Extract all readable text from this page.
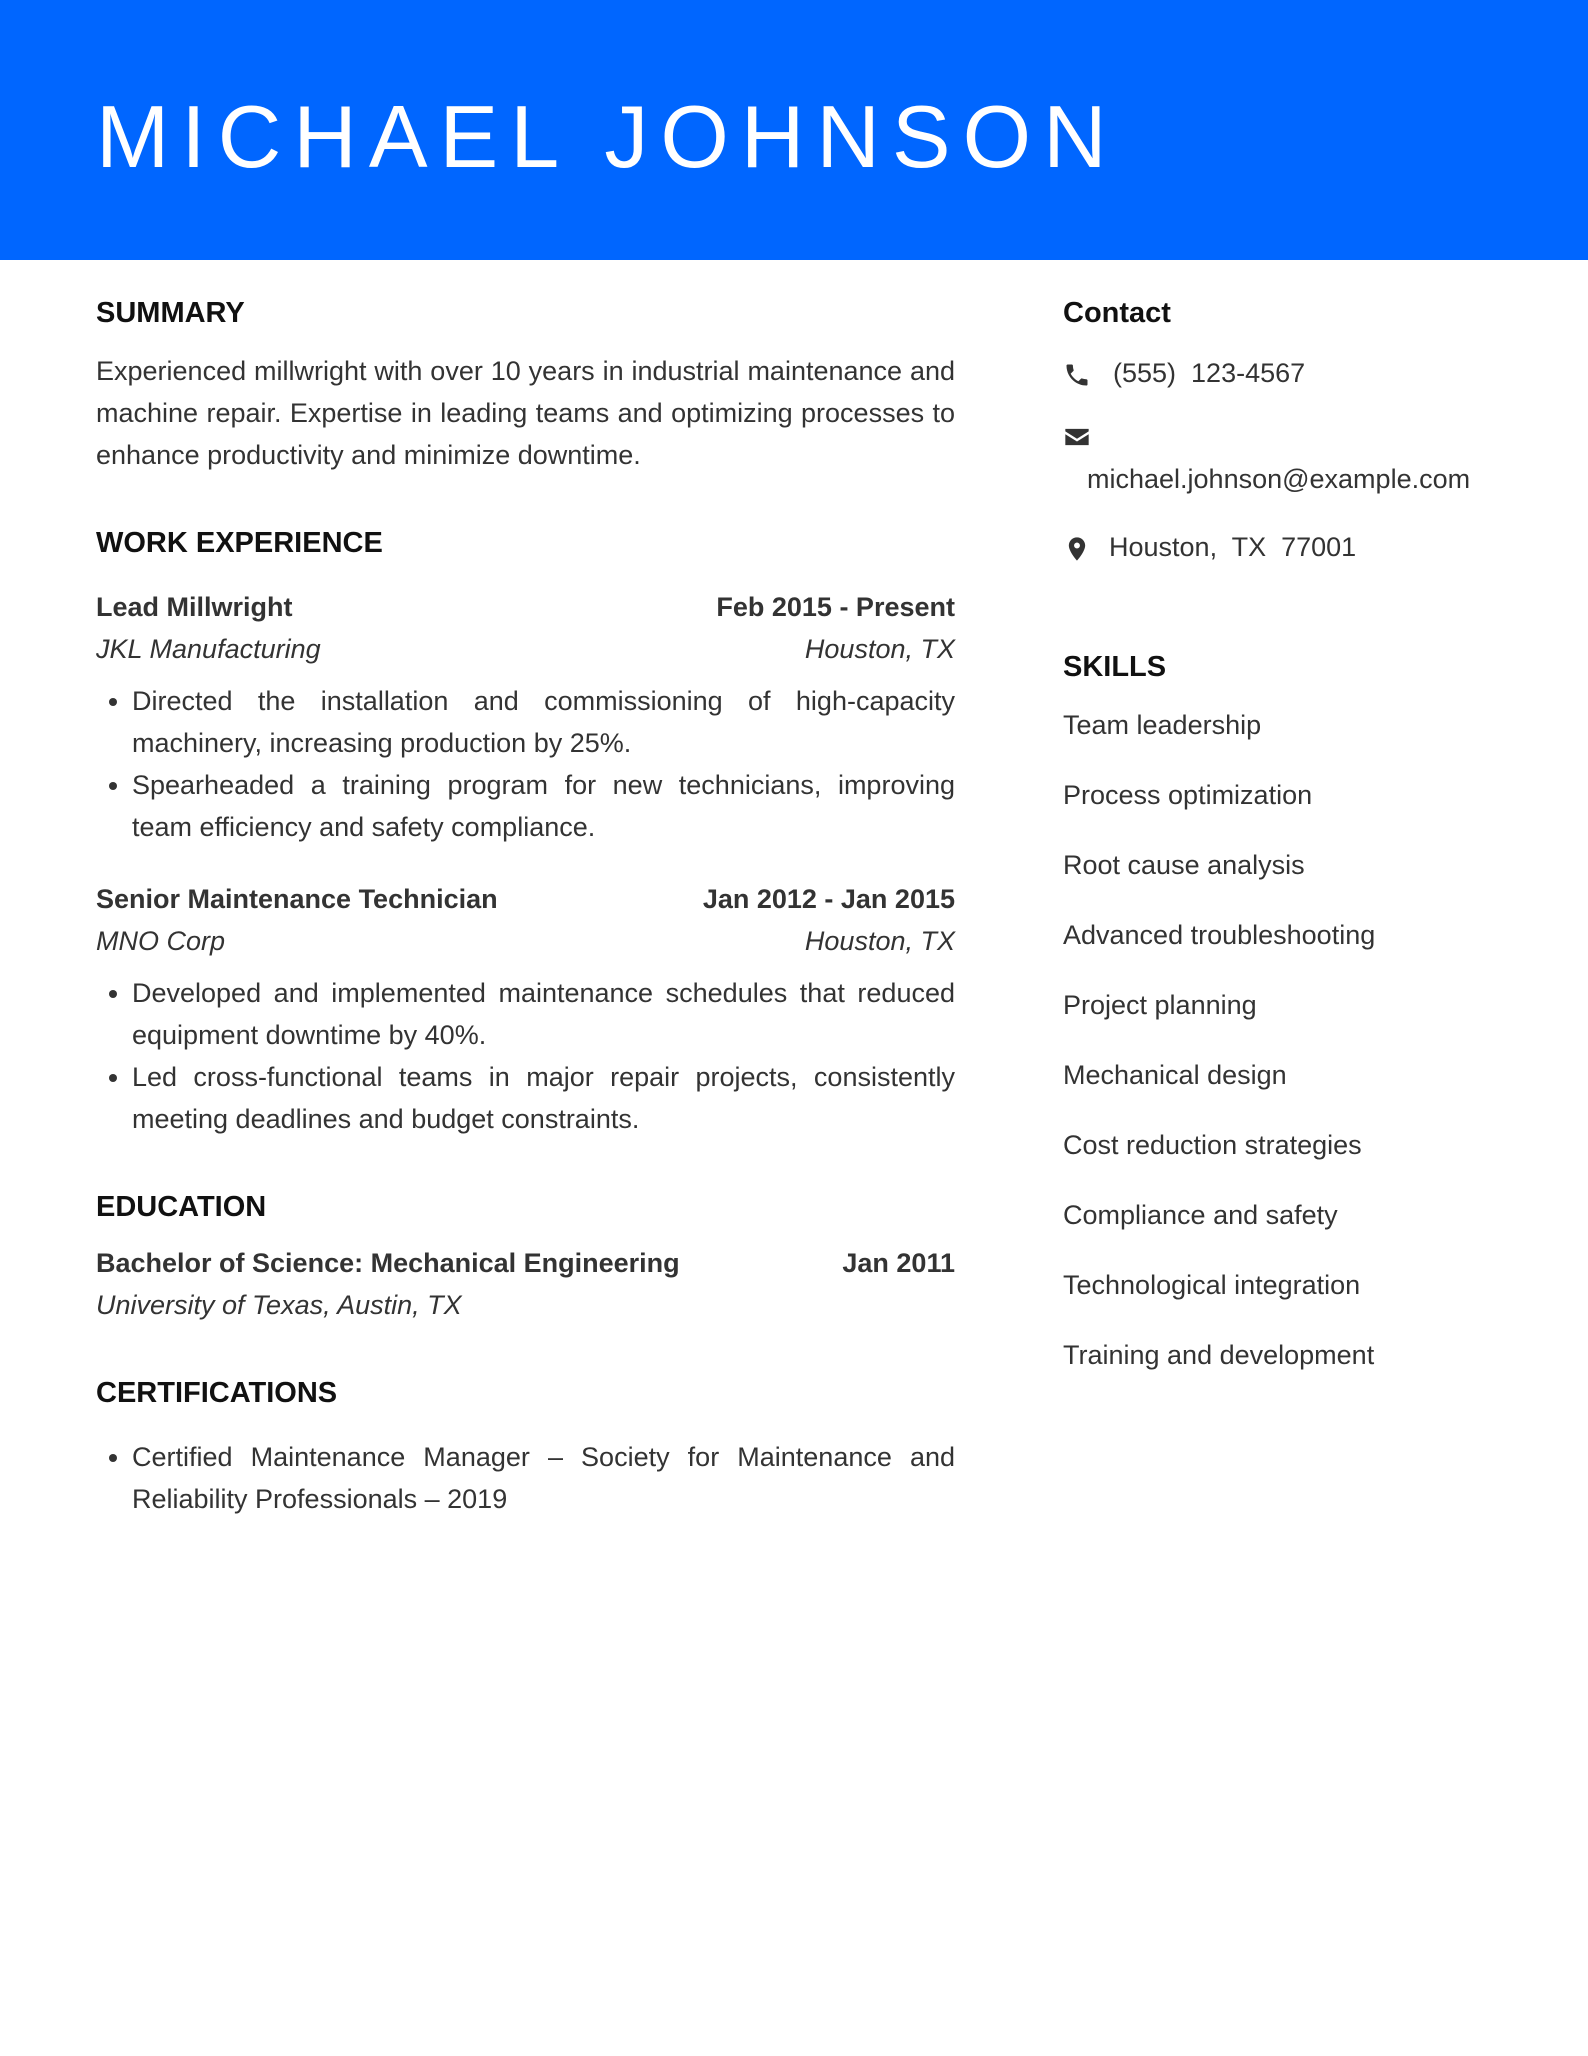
MICHAEL JOHNSON
SUMMARY

Experienced millwright with over 10 years in industrial maintenance and machine repair. Expertise in leading teams and optimizing processes to enhance productivity and minimize downtime.

WORK EXPERIENCE
Lead Millwright	Feb 2015 - Present
JKL Manufacturing	Houston, TX
• Directed the installation and commissioning of high-capacity machinery, increasing production by 25%.
• Spearheaded a training program for new technicians, improving team efficiency and safety compliance.
Senior Maintenance Technician	Jan 2012 - Jan 2015
MNO Corp	Houston, TX
• Developed and implemented maintenance schedules that reduced equipment downtime by 40%.
• Led cross-functional teams in major repair projects, consistently meeting deadlines and budget constraints.
EDUCATION
Bachelor of Science: Mechanical Engineering	Jan 2011
University of Texas, Austin, TX
CERTIFICATIONS
• Certified Maintenance Manager – Society for Maintenance and Reliability Professionals – 2019
Contact
(555)  123-4567
michael.johnson@example.com
Houston,  TX  77001
SKILLS
Team leadership
Process optimization
Root cause analysis
Advanced troubleshooting
Project planning
Mechanical design
Cost reduction strategies
Compliance and safety
Technological integration
Training and development
